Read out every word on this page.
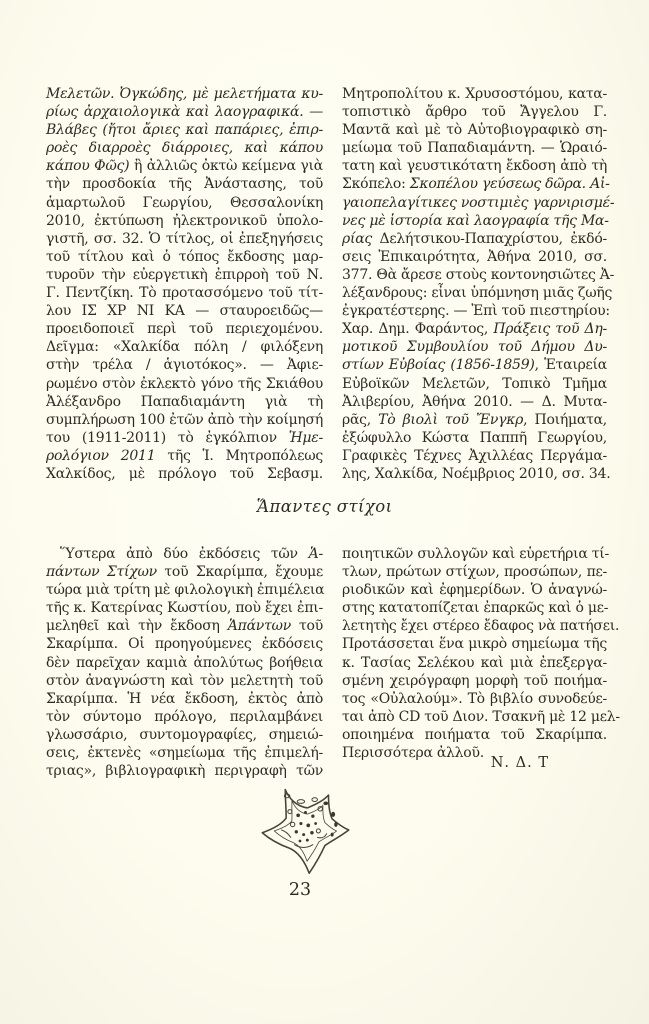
Μελετῶν. Ὀγκώδης, μὲ μελετήματα κυ-
ρίως ἀρχαιολογικὰ καὶ λαογραφικά. —
Βλάβες (ἤτοι ἄριες καὶ παπάριες, ἐπιρ-
ροὲς διαρροὲς διάρροιες, καὶ κάπου
κάπου Φῶς) ἢ ἀλλιῶς ὀκτὼ κείμενα γιὰ
τὴν προσδοκία τῆς Ἀνάστασης, τοῦ
ἁμαρτωλοῦ Γεωργίου, Θεσσαλονίκη
2010, ἐκτύπωση ἠλεκτρονικοῦ ὑπολο-
γιστῆ, σσ. 32. Ὁ τίτλος, οἱ ἐπεξηγήσεις
τοῦ τίτλου καὶ ὁ τόπος ἔκδοσης μαρ-
τυροῦν τὴν εὐεργετικὴ ἐπιρροὴ τοῦ Ν.
Γ. Πεντζίκη. Τὸ προτασσόμενο τοῦ τίτ-
λου ΙΣ ΧΡ ΝΙ ΚΑ — σταυροειδῶς—
προειδοποιεῖ περὶ τοῦ περιεχομένου.
Δεῖγμα: «Χαλκίδα πόλη / φιλόξενη
στὴν τρέλα / ἁγιοτόκος». — Ἀφιε-
ρωμένο στὸν ἐκλεκτὸ γόνο τῆς Σκιάθου
Ἀλέξανδρο Παπαδιαμάντη γιὰ τὴ
συμπλήρωση 100 ἐτῶν ἀπὸ τὴν κοίμησή
του (1911-2011) τὸ ἐγκόλπιον Ἡμε-
ρολόγιον 2011 τῆς Ἱ. Μητροπόλεως
Χαλκίδος, μὲ πρόλογο τοῦ Σεβασμ.
Μητροπολίτου κ. Χρυσοστόμου, κατα-
τοπιστικὸ ἄρθρο τοῦ Ἄγγελου Γ.
Μαντᾶ καὶ μὲ τὸ Αὐτοβιογραφικὸ ση-
μείωμα τοῦ Παπαδιαμάντη. — Ὡραιό-
τατη καὶ γευστικότατη ἔκδοση ἀπὸ τὴ
Σκόπελο: Σκοπέλου γεύσεως δῶρα. Αἰ-
γαιοπελαγίτικες νοστιμιὲς γαρνιρισμέ-
νες μὲ ἱστορία καὶ λαογραφία τῆς Μα-
ρίας Δελήτσικου-Παπαχρίστου, ἐκδό-
σεις Ἐπικαιρότητα, Ἀθήνα 2010, σσ.
377. Θὰ ἄρεσε στοὺς κοντονησιῶτες Ἀ-
λέξανδρους: εἶναι ὑπόμνηση μιᾶς ζωῆς
ἐγκρατέστερης. — Ἐπὶ τοῦ πιεστηρίου:
Χαρ. Δημ. Φαράντος, Πράξεις τοῦ Δη-
μοτικοῦ Συμβουλίου τοῦ Δήμου Δυ-
στίων Εὐβοίας (1856-1859), Ἑταιρεία
Εὐβοϊκῶν Μελετῶν, Τοπικὸ Τμῆμα
Ἀλιβερίου, Ἀθήνα 2010. — Δ. Μυτα-
ρᾶς, Τὸ βιολὶ τοῦ Ἔνγκρ, Ποιήματα,
ἐξώφυλλο Κώστα Παππῆ Γεωργίου,
Γραφικὲς Τέχνες Ἀχιλλέας Περγάμα-
λης, Χαλκίδα, Νοέμβριος 2010, σσ. 34.
Ἅπαντες στίχοι
Ὕστερα ἀπὸ δύο ἐκδόσεις τῶν Ἁ-
πάντων Στίχων τοῦ Σκαρίμπα, ἔχουμε
τώρα μιὰ τρίτη μὲ φιλολογικὴ ἐπιμέλεια
τῆς κ. Κατερίνας Κωστίου, ποὺ ἔχει ἐπι-
μεληθεῖ καὶ τὴν ἔκδοση Ἁπάντων τοῦ
Σκαρίμπα. Οἱ προηγούμενες ἐκδόσεις
δὲν παρεῖχαν καμιὰ ἀπολύτως βοήθεια
στὸν ἀναγνώστη καὶ τὸν μελετητὴ τοῦ
Σκαρίμπα. Ἡ νέα ἔκδοση, ἐκτὸς ἀπὸ
τὸν σύντομο πρόλογο, περιλαμβάνει
γλωσσάριο, συντομογραφίες, σημειώ-
σεις, ἐκτενὲς «σημείωμα τῆς ἐπιμελή-
τριας», βιβλιογραφικὴ περιγραφὴ τῶν
ποιητικῶν συλλογῶν καὶ εὑρετήρια τί-
τλων, πρώτων στίχων, προσώπων, πε-
ριοδικῶν καὶ ἐφημερίδων. Ὁ ἀναγνώ-
στης κατατοπίζεται ἐπαρκῶς καὶ ὁ με-
λετητὴς ἔχει στέρεο ἔδαφος νὰ πατήσει.
Προτάσσεται ἕνα μικρὸ σημείωμα τῆς
κ. Τασίας Σελέκου καὶ μιὰ ἐπεξεργα-
σμένη χειρόγραφη μορφὴ τοῦ ποιήμα-
τος «Οὐλαλούμ». Τὸ βιβλίο συνοδεύε-
ται ἀπὸ CD τοῦ Διον. Τσακνῆ μὲ 12 μελ-
οποιημένα ποιήματα τοῦ Σκαρίμπα.
Περισσότερα ἀλλοῦ.
Ν. Δ. Τ
23
